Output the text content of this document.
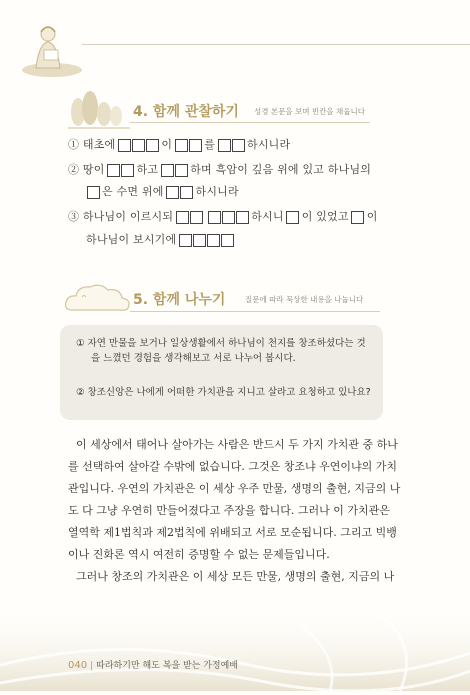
4. 함께 관찰하기 성경 본문을 보며 빈칸을 채웁니다
① 태초에	이	를	하시니라
② 땅이	하고	하며 흑암이 깊음 위에 있고 하나님의
은 수면 위에	하시니라
③ 하나님이 이르시되	하시니 이 있었고 이
하나님이 보시기에
5. 함께 나누기	질문에 따라 묵상한 내용을 나눕니다
① 자연 만물을 보거나 일상생활에서 하나님이 천지를 창조하셨다는 것
을 느꼈던 경험을 생각해보고 서로 나누어 봅시다.
② 창조신앙은 나에게 어떠한 가치관을 지니고 살라고 요청하고 있나요?
이 세상에서 태어나 살아가는 사람은 반드시 두 가지 가치관 중 하나
를 선택하여 살아갈 수밖에 없습니다. 그것은 창조냐 우연이냐의 가치
관입니다. 우연의 가치관은 이 세상 우주 만물, 생명의 출현, 지금의 나
도 다 그냥 우연히 만들어졌다고 주장을 합니다. 그러나 이 가치관은
열역학 제1법칙과 제2법칙에 위배되고 서로 모순됩니다. 그리고 빅뱅
이나 진화론 역시 여전히 증명할 수 없는 문제들입니다.
그러나 창조의 가치관은 이 세상 모든 만물, 생명의 출현, 지금의 나
040 | 따라하기만 해도 복을 받는 가정예배
